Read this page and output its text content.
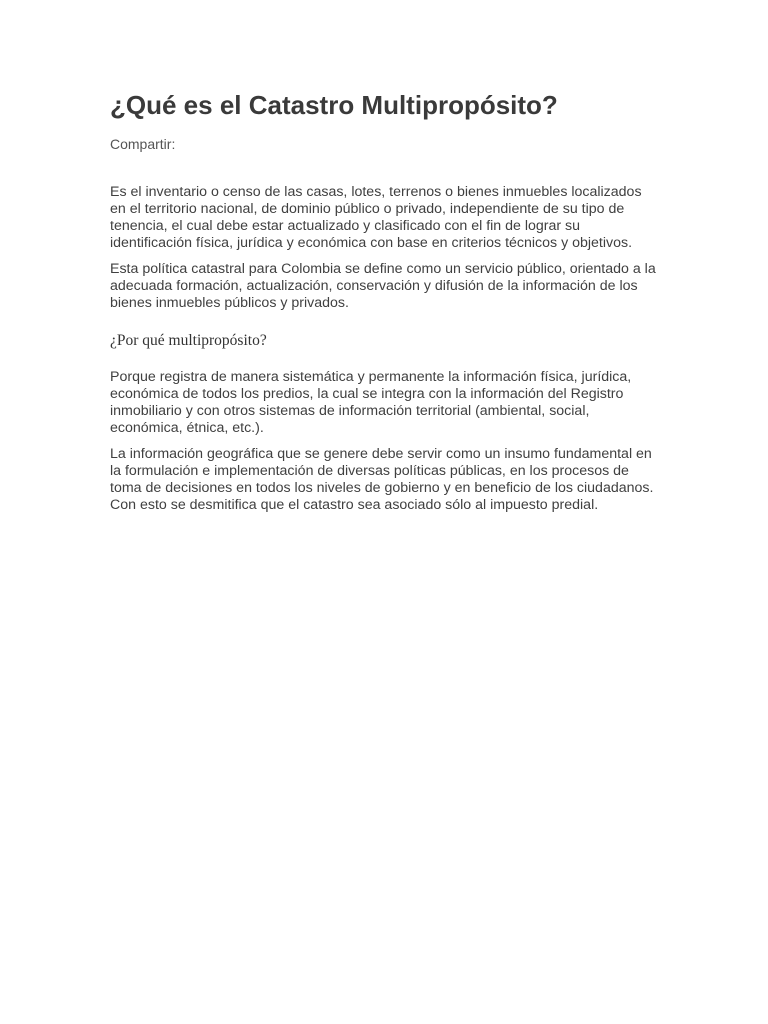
¿Qué es el Catastro Multipropósito?
Compartir:

Es el inventario o censo de las casas, lotes, terrenos o bienes inmuebles localizados en el territorio nacional, de dominio público o privado, independiente de su tipo de tenencia, el cual debe estar actualizado y clasificado con el fin de lograr su identificación física, jurídica y económica con base en criterios técnicos y objetivos.

Esta política catastral para Colombia se define como un servicio público, orientado a la adecuada formación, actualización, conservación y difusión de la información de los bienes inmuebles públicos y privados.

¿Por qué multipropósito?

Porque registra de manera sistemática y permanente la información física, jurídica, económica de todos los predios, la cual se integra con la información del Registro inmobiliario y con otros sistemas de información territorial (ambiental, social, económica, étnica, etc.).

La información geográfica que se genere debe servir como un insumo fundamental en la formulación e implementación de diversas políticas públicas, en los procesos de toma de decisiones en todos los niveles de gobierno y en beneficio de los ciudadanos. Con esto se desmitifica que el catastro sea asociado sólo al impuesto predial.
